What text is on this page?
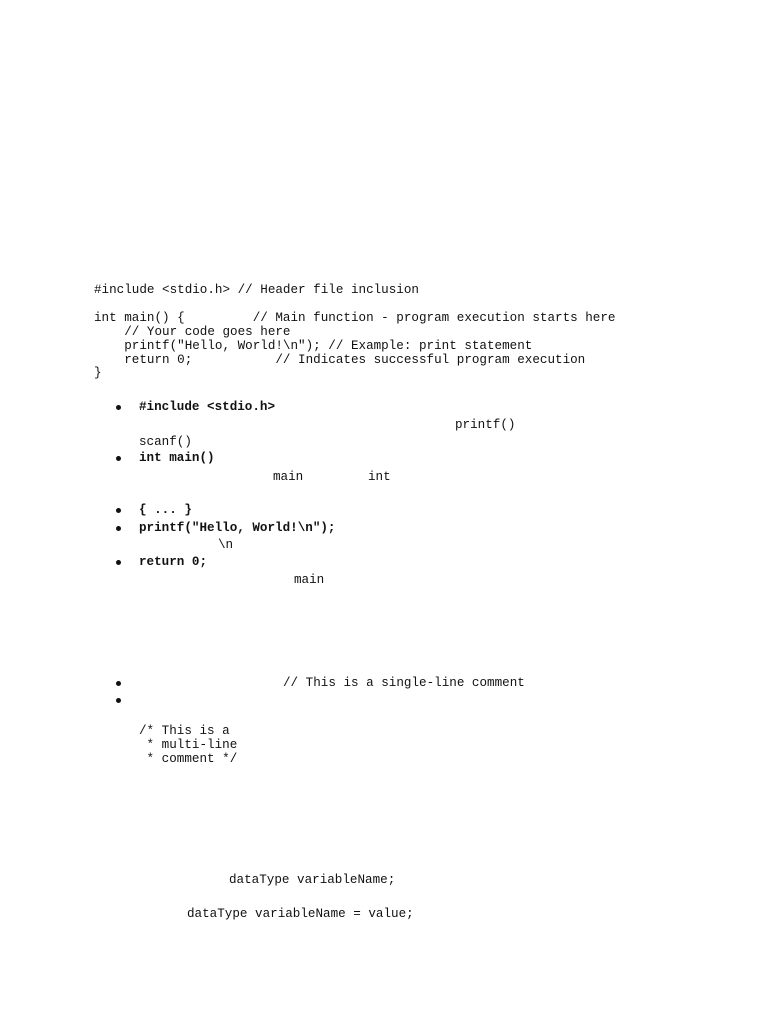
#include <stdio.h> // Header file inclusion
int main() {         // Main function - program execution starts here
// Your code goes here
printf("Hello, World!\n"); // Example: print statement
return 0;           // Indicates successful program execution
}
#include <stdio.h>
printf()
scanf()
int main()
main	int
{ ... }
printf("Hello, World!\n");
\n
return 0;
main
// This is a single-line comment
/* This is a
* multi-line
* comment */
dataType variableName;
dataType variableName = value;
